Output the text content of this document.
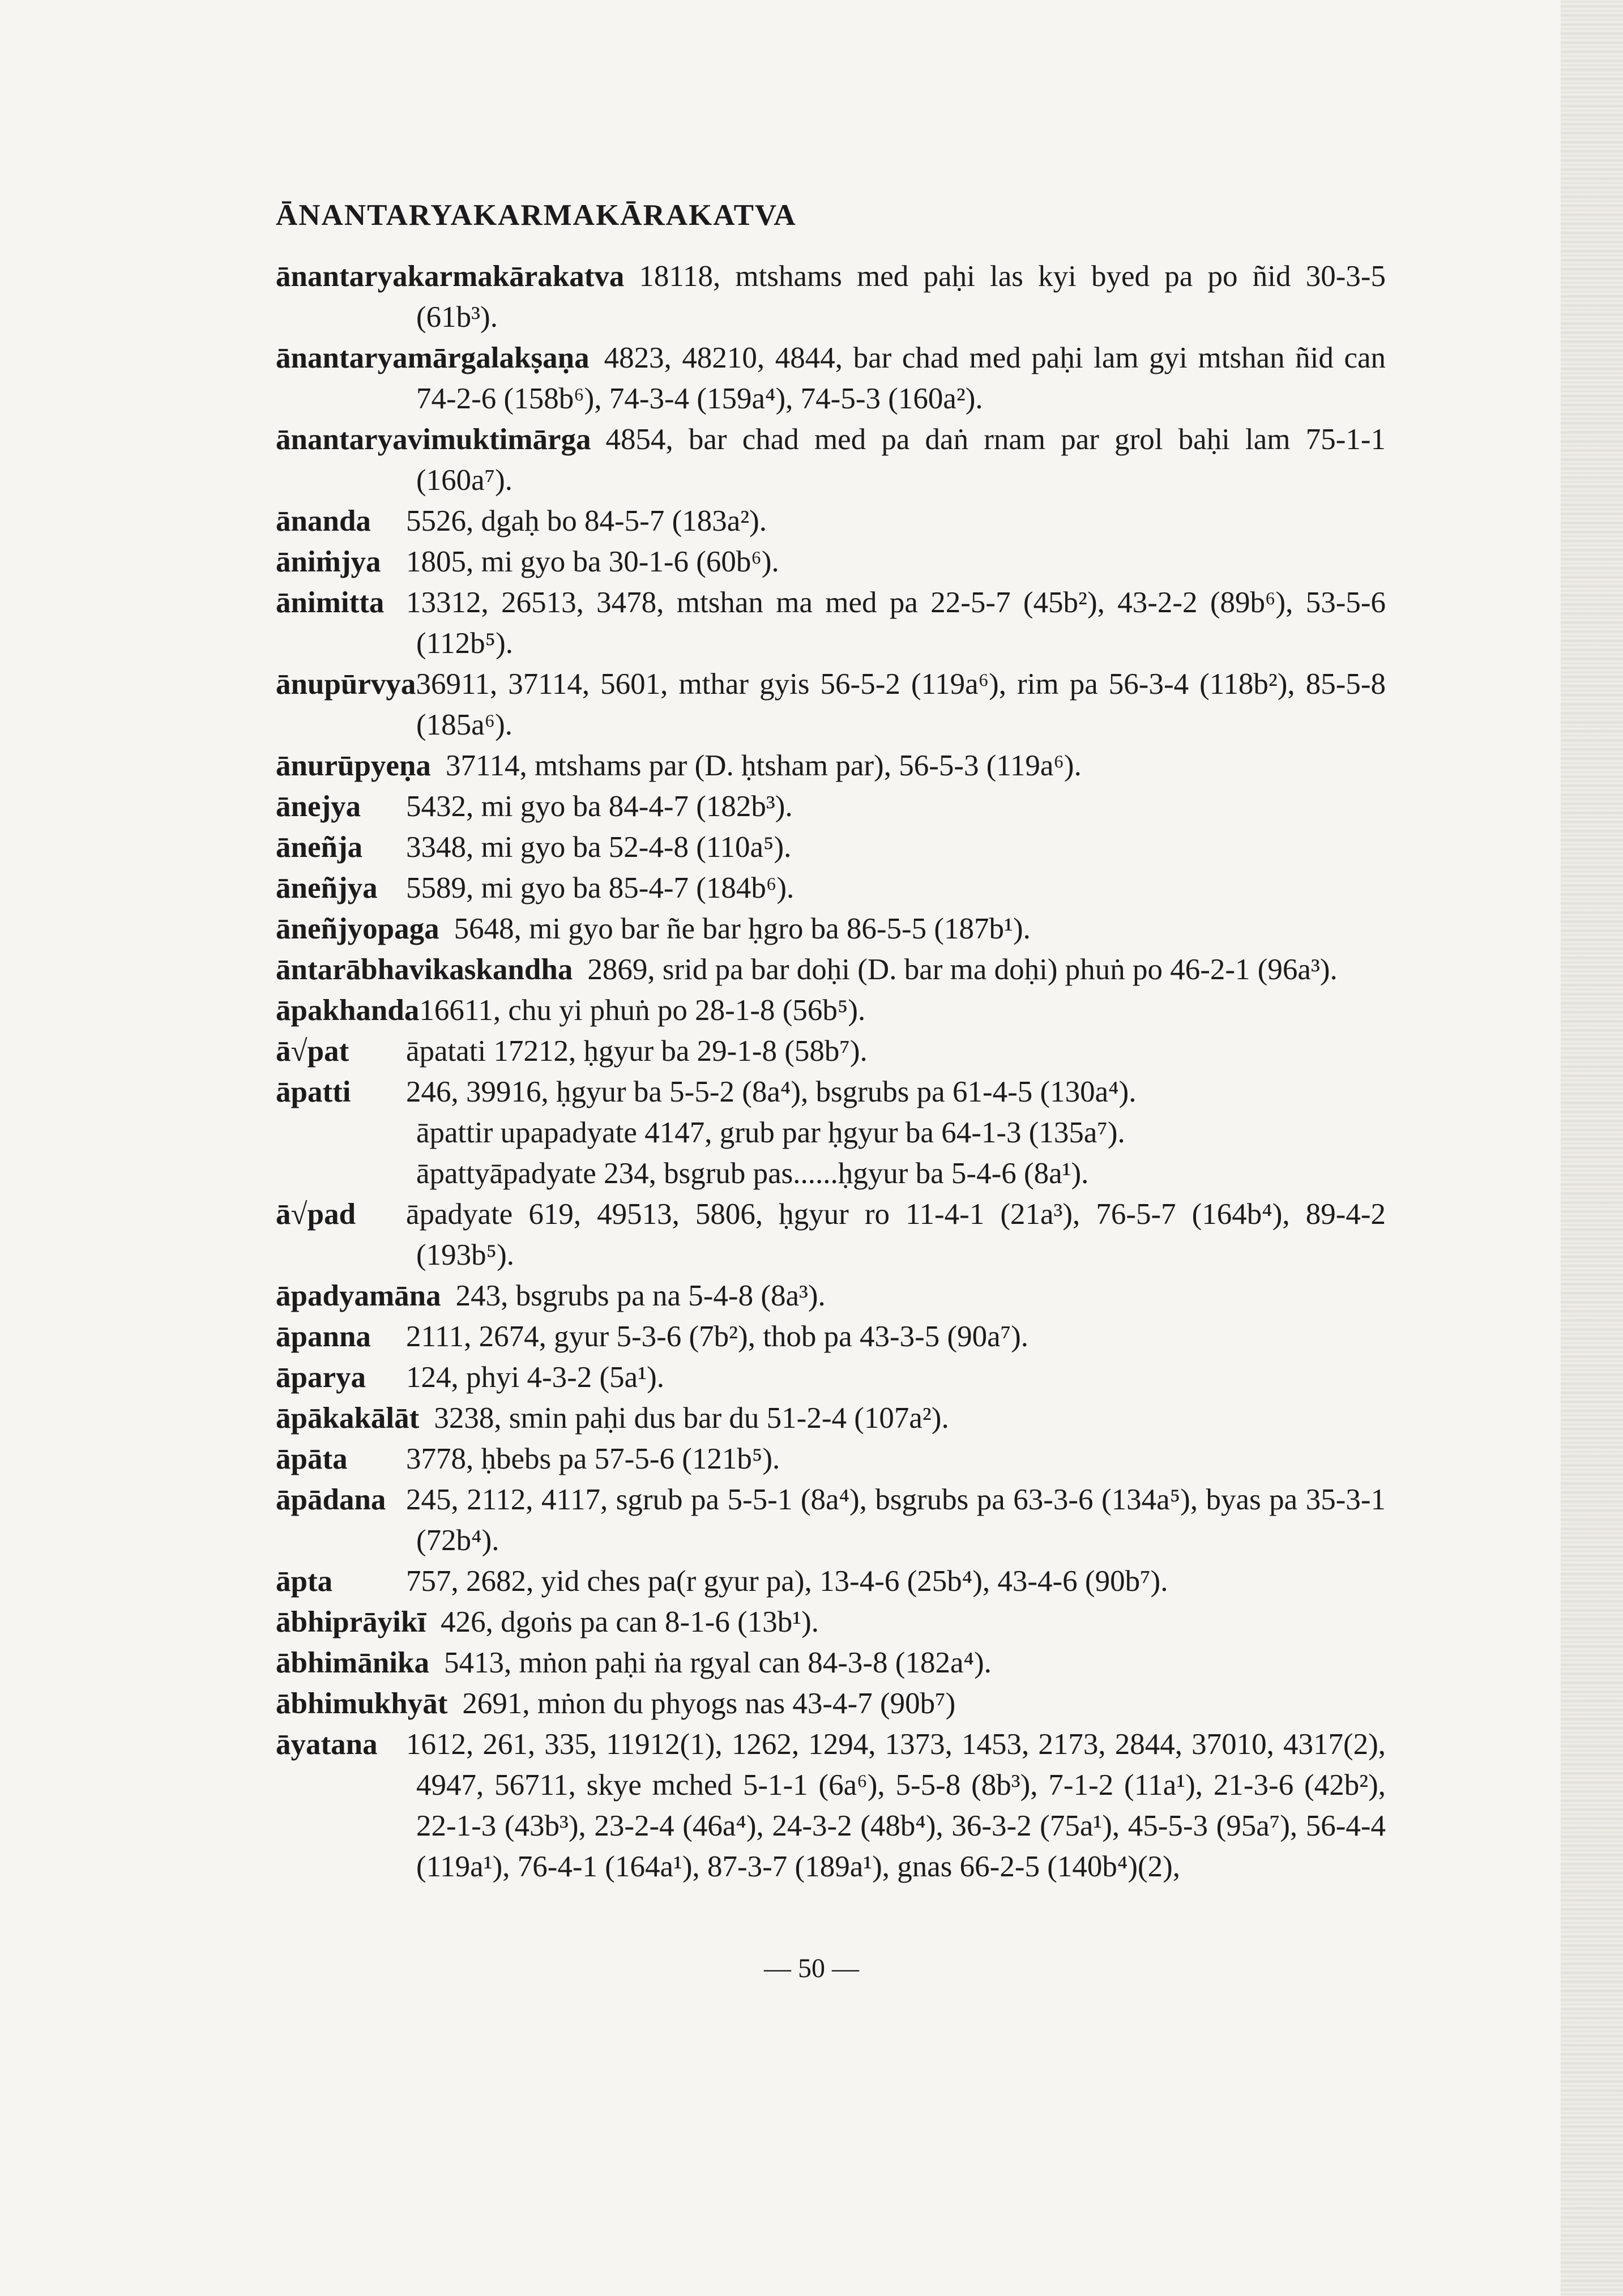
ĀNANTARYAKARMAKĀRAKATVA

ānantaryakarmakārakatva 18118, mtshams med paḥi las kyi byed pa po ñid 30-3-5 (61b³).

ānantaryamārgalakṣaṇa 4823, 48210, 4844, bar chad med paḥi lam gyi mtshan ñid can 74-2-6 (158b⁶), 74-3-4 (159a⁴), 74-5-3 (160a²).

ānantaryavimuktimārga 4854, bar chad med pa daṅ rnam par grol baḥi lam 75-1-1 (160a⁷).

ānanda 5526, dgaḥ bo 84-5-7 (183a²).

āniṁjya 1805, mi gyo ba 30-1-6 (60b⁶).

ānimitta 13312, 26513, 3478, mtshan ma med pa 22-5-7 (45b²), 43-2-2 (89b⁶), 53-5-6 (112b⁵).

ānupūrvya36911, 37114, 5601, mthar gyis 56-5-2 (119a⁶), rim pa 56-3-4 (118b²), 85-5-8 (185a⁶).

ānurūpyeṇa 37114, mtshams par (D. ḥtsham par), 56-5-3 (119a⁶).

ānejya 5432, mi gyo ba 84-4-7 (182b³).

āneñja 3348, mi gyo ba 52-4-8 (110a⁵).

āneñjya 5589, mi gyo ba 85-4-7 (184b⁶).

āneñjyopaga 5648, mi gyo bar ñe bar ḥgro ba 86-5-5 (187b¹).

āntarābhavikaskandha 2869, srid pa bar doḥi (D. bar ma doḥi) phuṅ po 46-2-1 (96a³).

āpakhanda16611, chu yi phuṅ po 28-1-8 (56b⁵).

ā√pat āpatati 17212, ḥgyur ba 29-1-8 (58b⁷).

āpatti 246, 39916, ḥgyur ba 5-5-2 (8a⁴), bsgrubs pa 61-4-5 (130a⁴).

āpattir upapadyate 4147, grub par ḥgyur ba 64-1-3 (135a⁷).

āpattyāpadyate 234, bsgrub pas......ḥgyur ba 5-4-6 (8a¹).

ā√pad āpadyate 619, 49513, 5806, ḥgyur ro 11-4-1 (21a³), 76-5-7 (164b⁴), 89-4-2 (193b⁵).

āpadyamāna 243, bsgrubs pa na 5-4-8 (8a³).

āpanna 2111, 2674, gyur 5-3-6 (7b²), thob pa 43-3-5 (90a⁷).

āparya 124, phyi 4-3-2 (5a¹).

āpākakālāt 3238, smin paḥi dus bar du 51-2-4 (107a²).

āpāta 3778, ḥbebs pa 57-5-6 (121b⁵).

āpādana 245, 2112, 4117, sgrub pa 5-5-1 (8a⁴), bsgrubs pa 63-3-6 (134a⁵), byas pa 35-3-1 (72b⁴).

āpta 757, 2682, yid ches pa(r gyur pa), 13-4-6 (25b⁴), 43-4-6 (90b⁷).

ābhiprāyikī 426, dgoṅs pa can 8-1-6 (13b¹).

ābhimānika 5413, mṅon paḥi ṅa rgyal can 84-3-8 (182a⁴).

ābhimukhyāt 2691, mṅon du phyogs nas 43-4-7 (90b⁷)

āyatana 1612, 261, 335, 11912(1), 1262, 1294, 1373, 1453, 2173, 2844, 37010, 4317(2), 4947, 56711, skye mched 5-1-1 (6a⁶), 5-5-8 (8b³), 7-1-2 (11a¹), 21-3-6 (42b²), 22-1-3 (43b³), 23-2-4 (46a⁴), 24-3-2 (48b⁴), 36-3-2 (75a¹), 45-5-3 (95a⁷), 56-4-4 (119a¹), 76-4-1 (164a¹), 87-3-7 (189a¹), gnas 66-2-5 (140b⁴)(2),

— 50 —
